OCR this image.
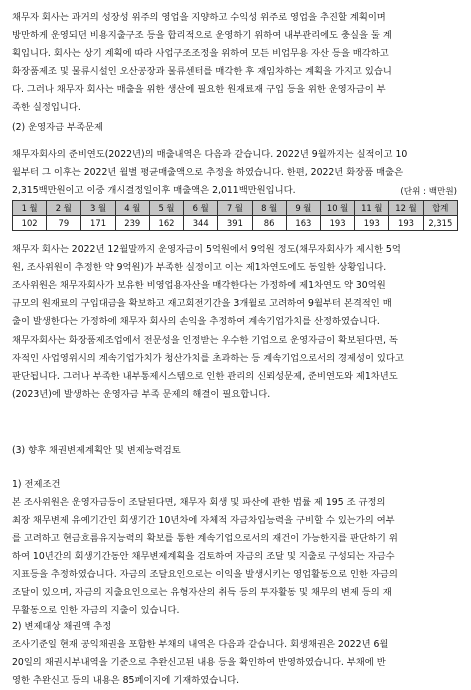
채무자 회사는 과거의 성장성 위주의 영업을 지양하고 수익성 위주로 영업을 추진할 계획이며
방만하게 운영되던 비용지출구조 등을 합리적으로 운영하기 위하여 내부관리에도 충실을 둘 계
획입니다. 회사는 상기 계획에 따라 사업구조조정을 위하여 모든 비업무용 자산 등을 매각하고
화장품제조 및 물류시설인 오산공장과 물류센터를 매각한 후 재임차하는 계획을 가지고 있습니
다. 그러나 채무자 회사는 매출을 위한 생산에 필요한 원재료재 구입 등을 위한 운영자금이 부
족한 실정입니다.

(2) 운영자금 부족문제

채무자회사의 준비연도(2022년)의 매출내역은 다음과 같습니다. 2022년 9월까지는 실적이고 10
월부터 그 이후는 2022년 월별 평균매출액으로 추정을 하였습니다. 한편, 2022년 화장품 매출은
2,315백만원이고 이중 개시결정일이후 매출액은 2,011백만원입니다.	(단위 : 백만원)
1 월	2 월	3 월	4 월	5 월	6 월	7 월	8 월	9 월	10 월	11 월	12 월	합계
102	79	171	239	162	344	391	86	163	193	193	193	2,315
채무자 회사는 2022년 12월말까지 운영자금이 5억원에서 9억원 정도(채무자회사가 제시한 5억
원, 조사위원이 추정한 약 9억원)가 부족한 실정이고 이는 제1차연도에도 동일한 상황입니다.
조사위원은 채무자회사가 보유한 비영업용자산을 매각한다는 가정하에 제1차연도 약 30억원
규모의 원재료의 구입대금을 확보하고 재고회전기간을 3개월로 고려하여 9월부터 본격적인 매
출이 발생한다는 가정하에 채무자 회사의 손익을 추정하여 계속기업가치를 산정하였습니다.
채무자회사는 화장품제조업에서 전문성을 인정받는 우수한 기업으로 운영자금이 확보된다면, 독
자적인 사업영위시의 계속기업가치가 청산가치를 초과하는 등 계속기업으로서의 경제성이 있다고
판단됩니다. 그러나 부족한 내부통제시스템으로 인한 관리의 신뢰성문제, 준비연도와 제1차년도
(2023년)에 발생하는 운영자금 부족 문제의 해결이 필요합니다.

(3) 향후 채권변제계획안 및 변제능력검토

1) 전제조건

본 조사위원은 운영자금등이 조달된다면, 채무자 회생 및 파산에 관한 법률 제 195 조 규정의
최장 채무변제 유예기간인 회생기간 10년차에 자체적 자금차입능력을 구비할 수 있는가의 여부
를 고려하고 현금흐름유지능력의 확보를 통한 계속기업으로서의 재건이 가능한지를 판단하기 위
하여 10년간의 회생기간동안 채무변제계획을 검토하여 자금의 조달 및 지출로 구성되는 자금수
지표등을 추정하였습니다. 자금의 조달요인으로는 이익을 발생시키는 영업활동으로 인한 자금의
조달이 있으며, 자금의 지출요인으로는 유형자산의 취득 등의 투자활동 및 채무의 변제 등의 재
무활동으로 인한 자금의 지출이 있습니다.

2) 변제대상 채권액 추정

조사기준일 현재 공익채권을 포함한 부채의 내역은 다음과 같습니다. 회생채권은 2022년 6월
20일의 채권시부내역을 기준으로 추완신고된 내용 등을 확인하여 반영하였습니다. 부채에 반
영한 추완신고 등의 내용은 85페이지에 기재하였습니다.
